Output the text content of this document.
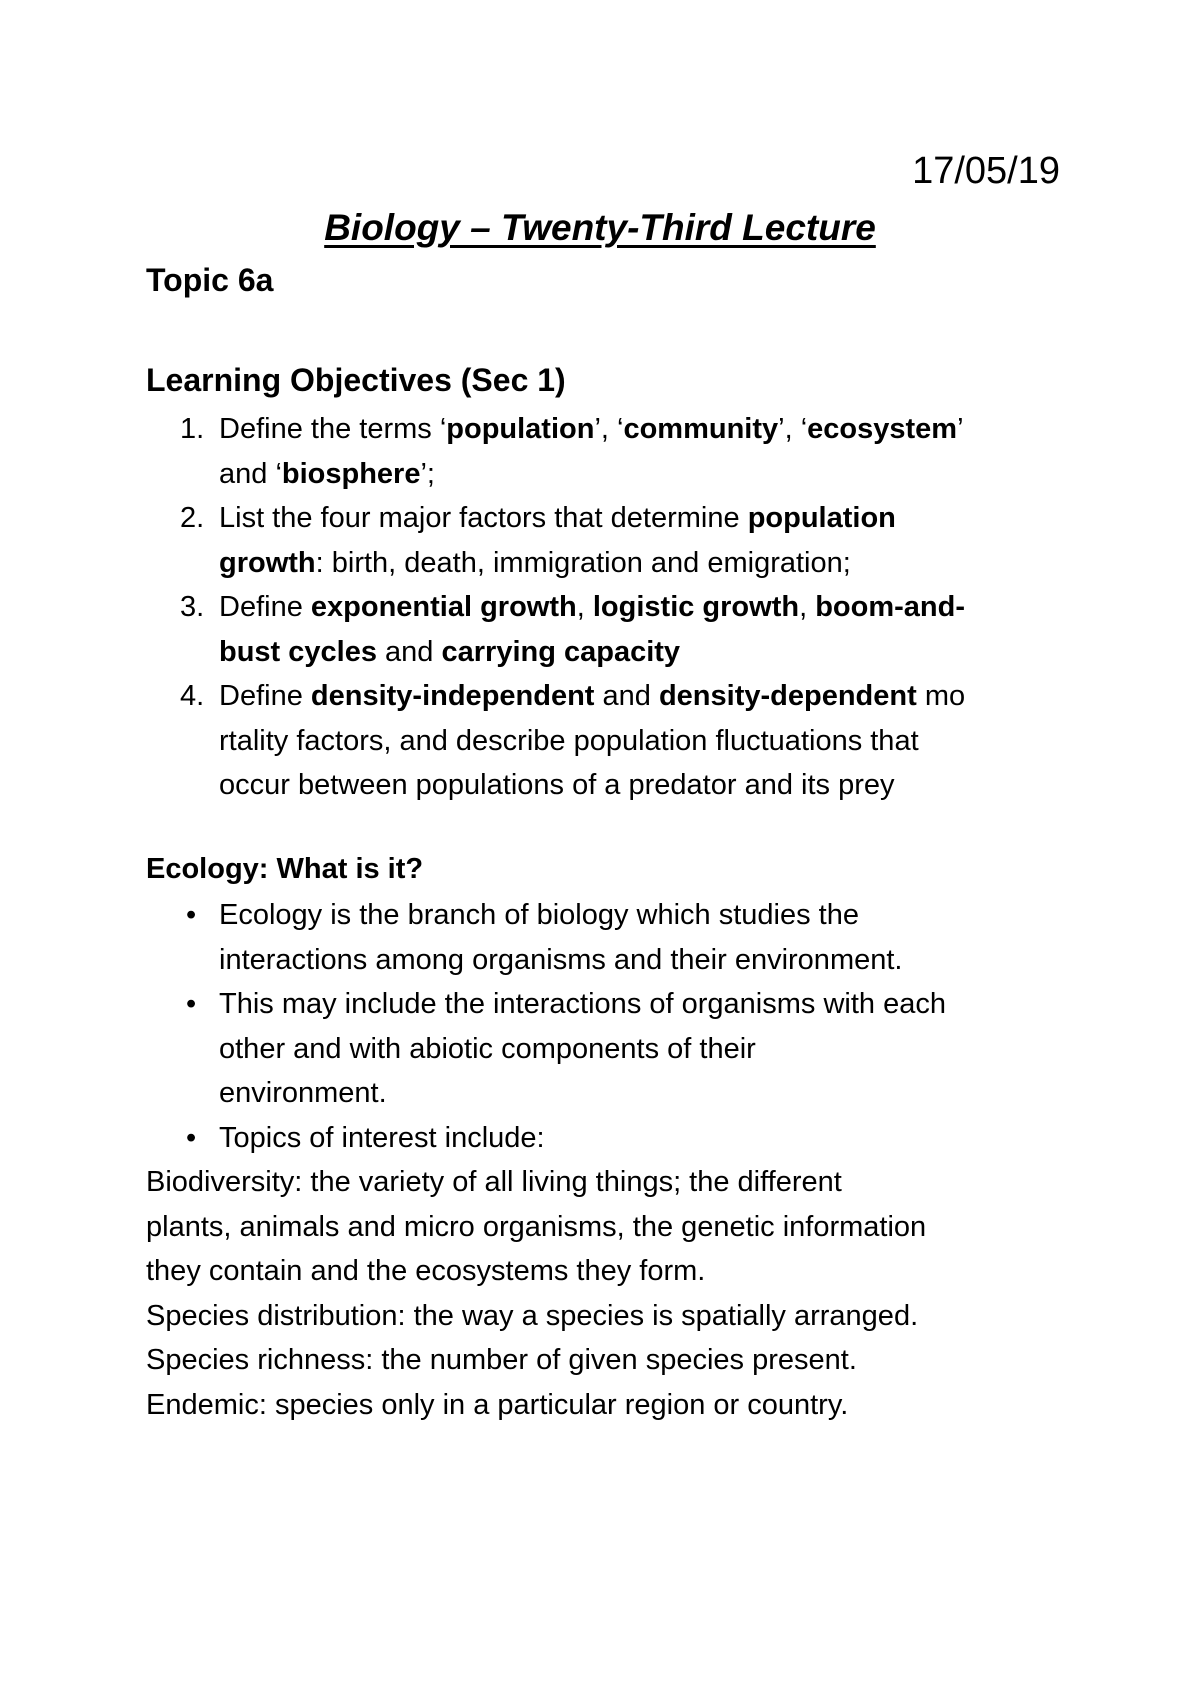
17/05/19
Biology – Twenty-Third Lecture
Topic 6a
Learning Objectives (Sec 1)
1. Define the terms ‘population’, ‘community’, ‘ecosystem’
and ‘biosphere’;
2. List the four major factors that determine population
growth: birth, death, immigration and emigration;
3. Define exponential growth, logistic growth, boom-and-
bust cycles and carrying capacity
4. Define density-independent and density-dependent mo
rtality factors, and describe population fluctuations that
occur between populations of a predator and its prey
Ecology: What is it?
• Ecology is the branch of biology which studies the
interactions among organisms and their environment.
• This may include the interactions of organisms with each
other and with abiotic components of their
environment.
• Topics of interest include:
Biodiversity: the variety of all living things; the different
plants, animals and micro organisms, the genetic information
they contain and the ecosystems they form.
Species distribution: the way a species is spatially arranged.
Species richness: the number of given species present.
Endemic: species only in a particular region or country.
